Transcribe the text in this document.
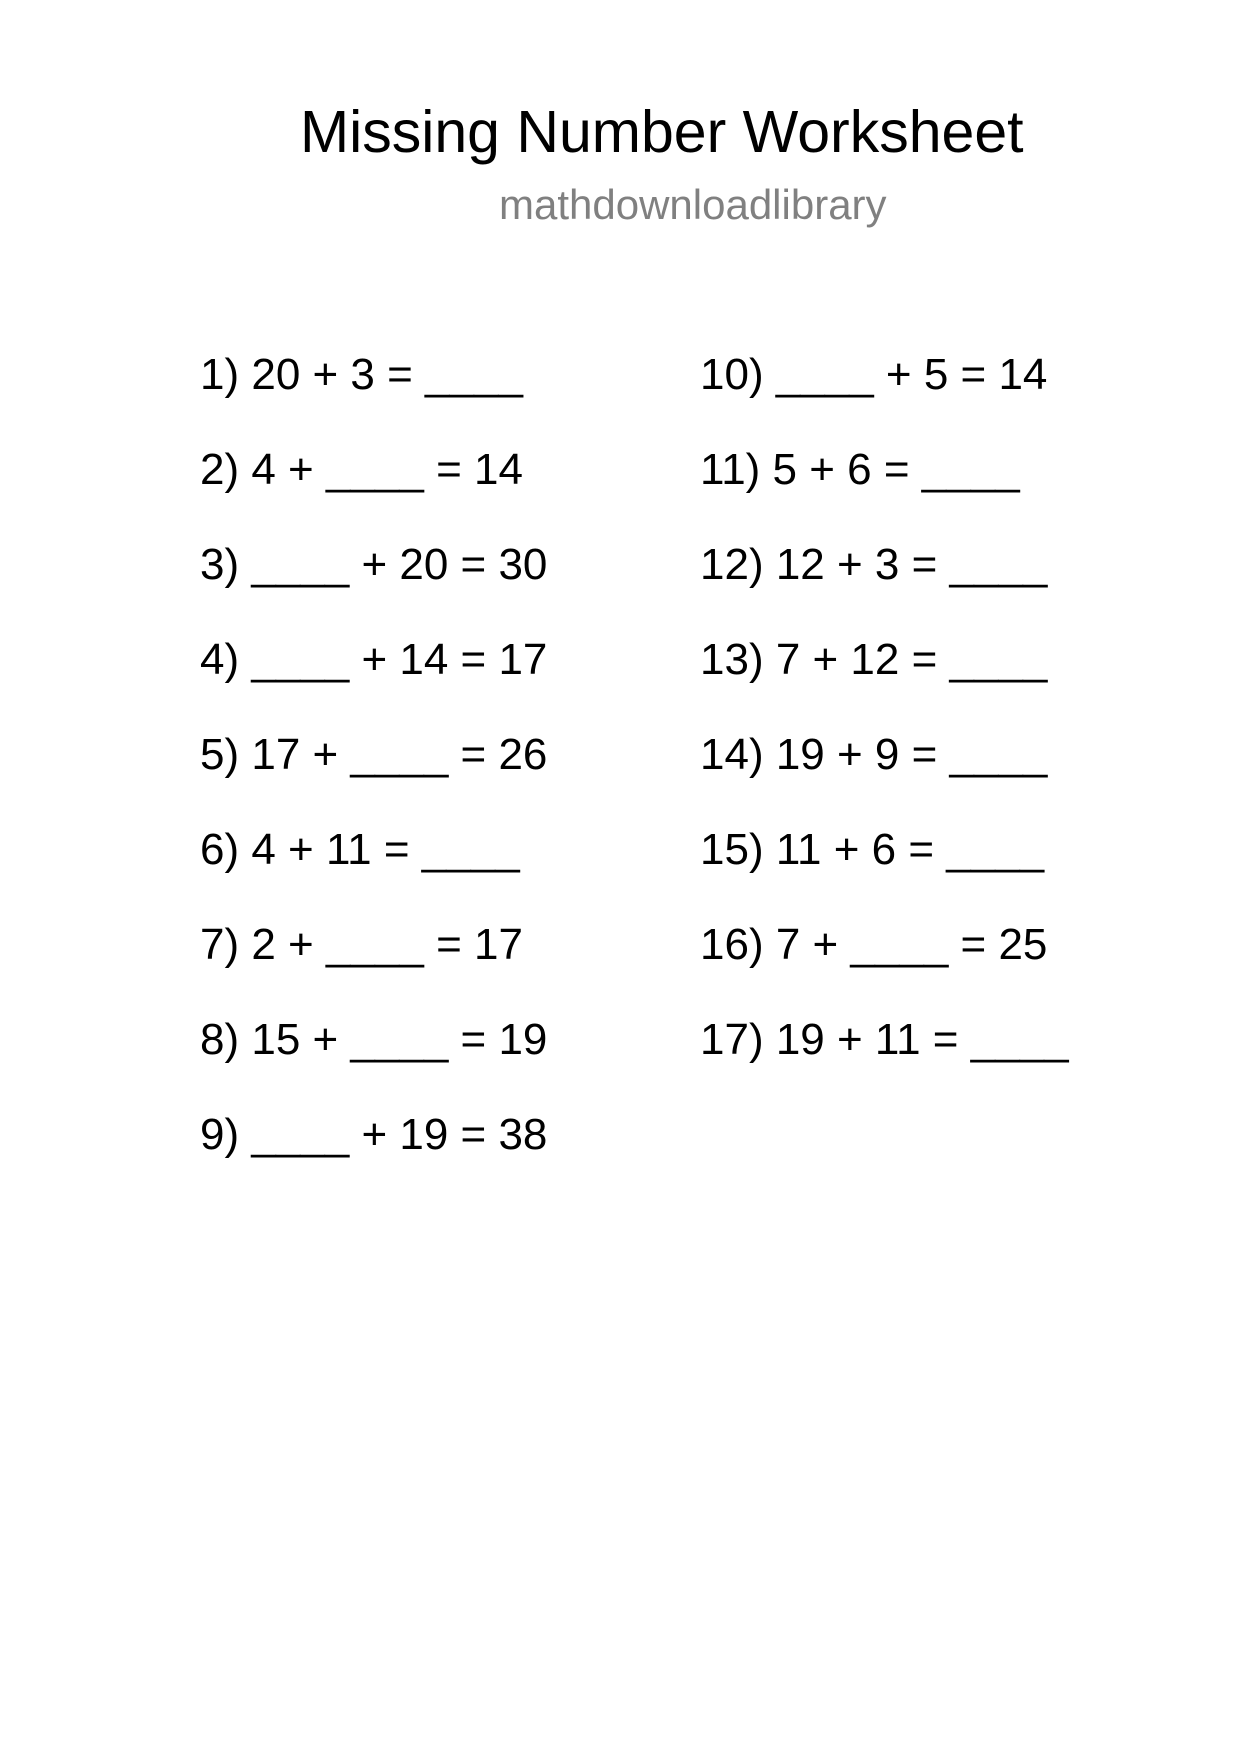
Missing Number Worksheet
mathdownloadlibrary
1) 20 + 3 = ____
2) 4 + ____ = 14
3) ____ + 20 = 30
4) ____ + 14 = 17
5) 17 + ____ = 26
6) 4 + 11 = ____
7) 2 + ____ = 17
8) 15 + ____ = 19
9) ____ + 19 = 38
10) ____ + 5 = 14
11) 5 + 6 = ____
12) 12 + 3 = ____
13) 7 + 12 = ____
14) 19 + 9 = ____
15) 11 + 6 = ____
16) 7 + ____ = 25
17) 19 + 11 = ____
